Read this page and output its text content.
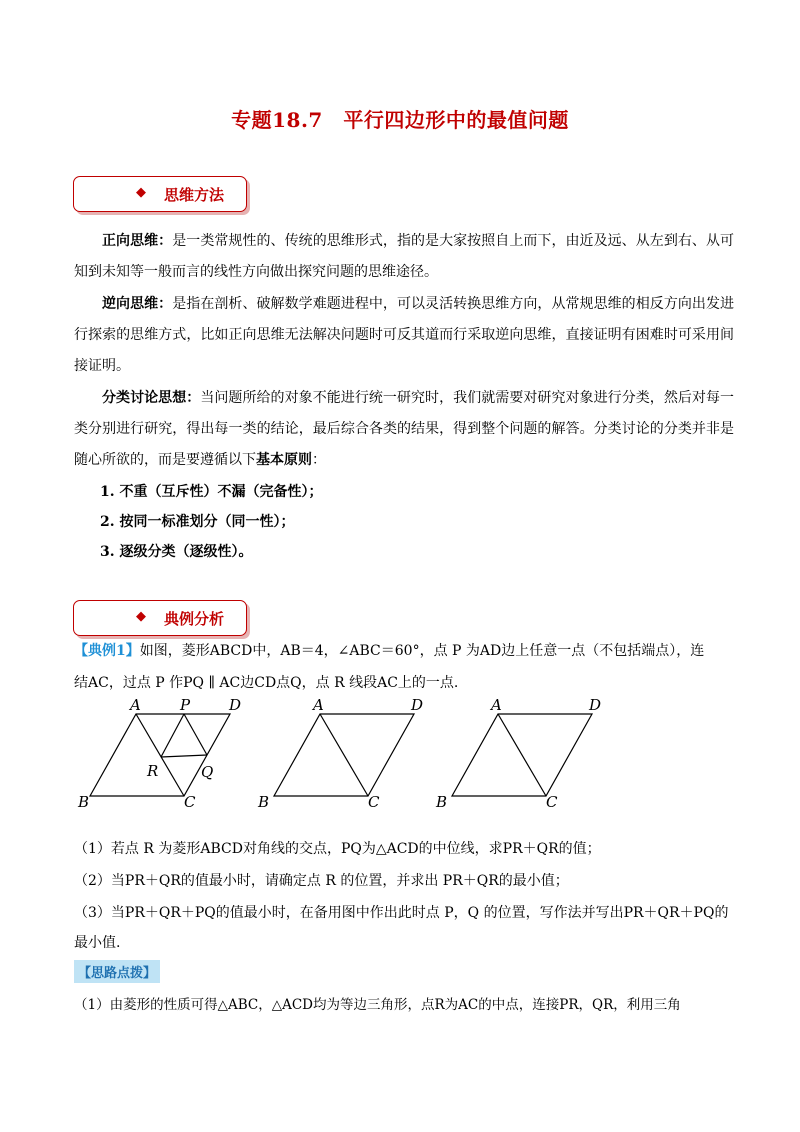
专题18.7　平行四边形中的最值问题
◆ 思维方法
正向思维：是一类常规性的、传统的思维形式，指的是大家按照自上而下，由近及远、从左到右、从可知到未知等一般而言的线性方向做出探究问题的思维途径。
逆向思维：是指在剖析、破解数学难题进程中，可以灵活转换思维方向，从常规思维的相反方向出发进行探索的思维方式，比如正向思维无法解决问题时可反其道而行采取逆向思维，直接证明有困难时可采用间接证明。
分类讨论思想：当问题所给的对象不能进行统一研究时，我们就需要对研究对象进行分类，然后对每一类分别进行研究，得出每一类的结论，最后综合各类的结果，得到整个问题的解答。分类讨论的分类并非是随心所欲的，而是要遵循以下基本原则：
1. 不重（互斥性）不漏（完备性）；
2. 按同一标准划分（同一性）；
3. 逐级分类（逐级性）。
◆ 典例分析
【典例1】如图，菱形ABCD中，AB＝4，∠ABC＝60°，点 P 为AD边上任意一点（不包括端点），连
结AC，过点 P 作PQ ∥ AC边CD点Q，点 R 线段AC上的一点.
A	P	D
R	Q
B	C
A	D
B	C
A	D
B	C
（1）若点 R 为菱形ABCD对角线的交点，PQ为△ACD的中位线，求PR＋QR的值；
（2）当PR＋QR的值最小时，请确定点 R 的位置，并求出 PR＋QR的最小值；
（3）当PR＋QR＋PQ的值最小时，在备用图中作出此时点 P，Q 的位置，写作法并写出PR＋QR＋PQ的
最小值.
【思路点拨】
（1）由菱形的性质可得△ABC，△ACD均为等边三角形，点R为AC的中点，连接PR，QR，利用三角
